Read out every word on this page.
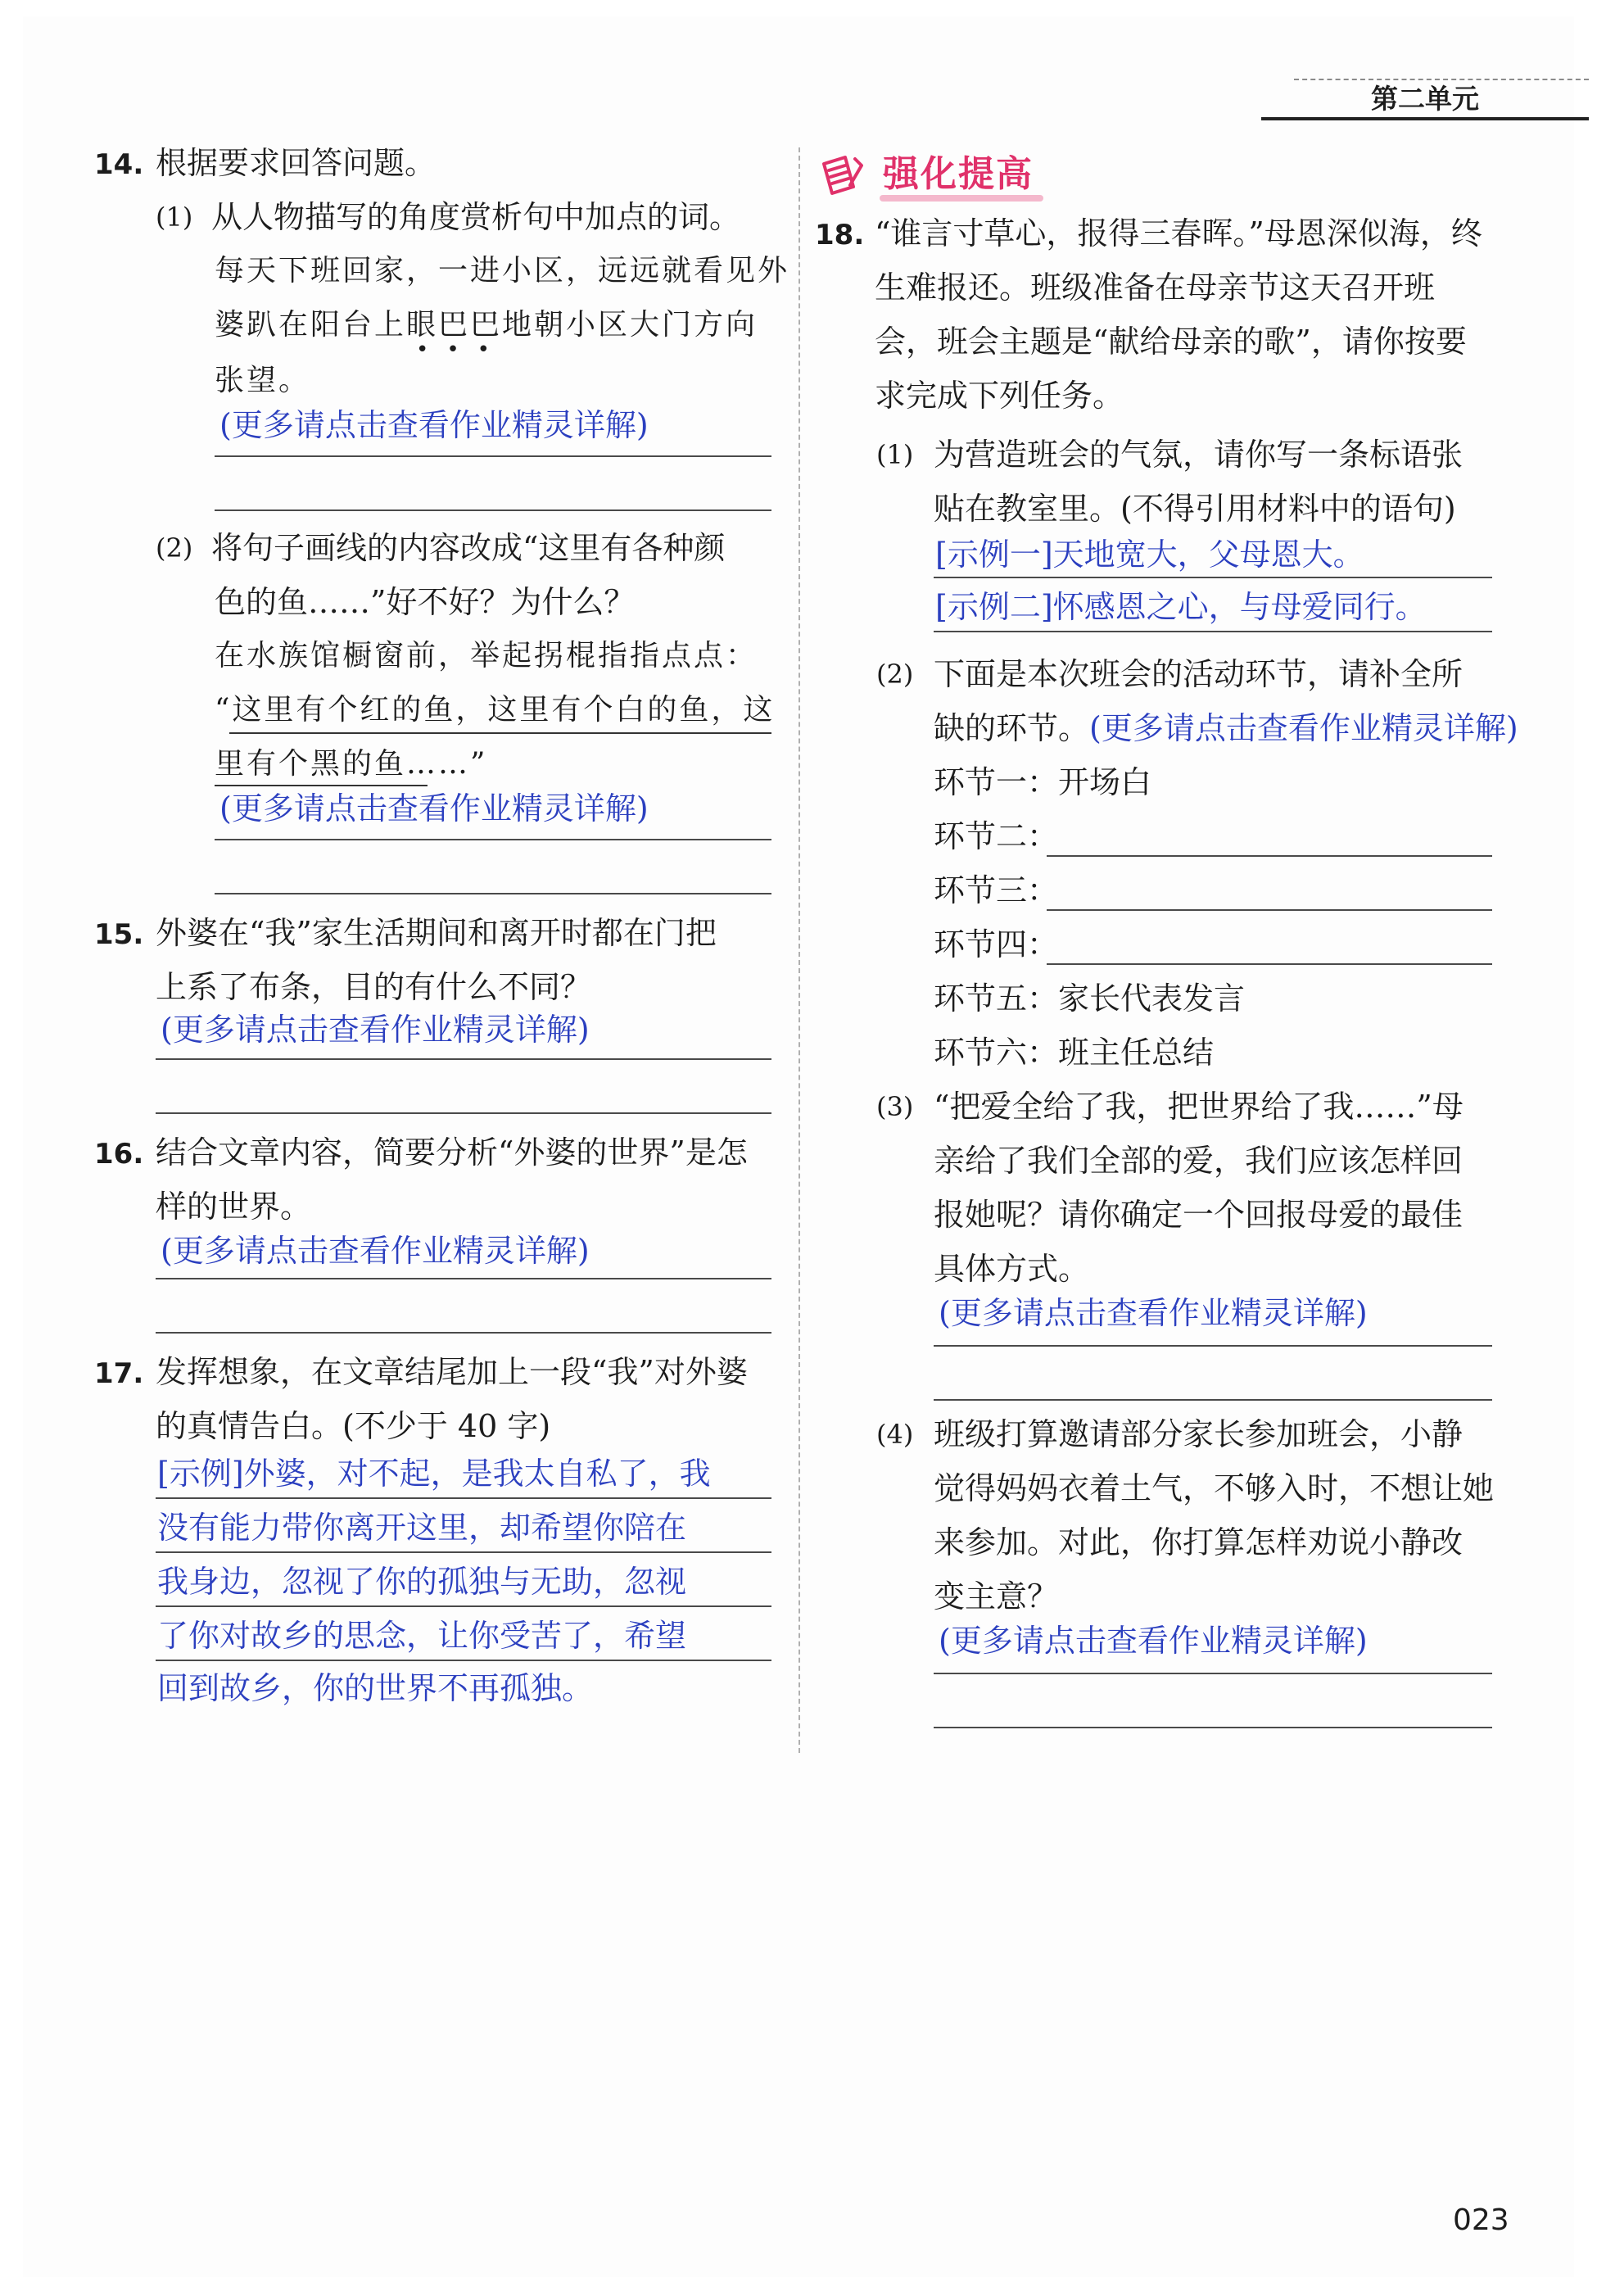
第二单元
14. 根据要求回答问题。
(1) 从人物描写的角度赏析句中加点的词。
每天下班回家，一进小区，远远就看见外
婆趴在阳台上眼巴巴地朝小区大门方向
•••
张望。
(更多请点击查看作业精灵详解)
(2) 将句子画线的内容改成“这里有各种颜
色的鱼……”好不好？为什么？
在水族馆橱窗前，举起拐棍指指点点：
“这里有个红的鱼，这里有个白的鱼，这
里有个黑的鱼……”
(更多请点击查看作业精灵详解)
15. 外婆在“我”家生活期间和离开时都在门把
上系了布条，目的有什么不同？
(更多请点击查看作业精灵详解)
16. 结合文章内容，简要分析“外婆的世界”是怎
样的世界。
(更多请点击查看作业精灵详解)
17. 发挥想象，在文章结尾加上一段“我”对外婆
的真情告白。(不少于 40 字)
[示例]外婆，对不起，是我太自私了，我
没有能力带你离开这里，却希望你陪在
我身边，忽视了你的孤独与无助，忽视
了你对故乡的思念，让你受苦了，希望
回到故乡，你的世界不再孤独。
强化提高
18. “谁言寸草心，报得三春晖。”母恩深似海，终
生难报还。班级准备在母亲节这天召开班
会，班会主题是“献给母亲的歌”，请你按要
求完成下列任务。
(1) 为营造班会的气氛，请你写一条标语张
贴在教室里。(不得引用材料中的语句)
[示例一]天地宽大，父母恩大。
[示例二]怀感恩之心，与母爱同行。
(2) 下面是本次班会的活动环节，请补全所
缺的环节。 (更多请点击查看作业精灵详解)
环节一：开场白
环节二：
环节三：
环节四：
环节五：家长代表发言
环节六：班主任总结
(3) “把爱全给了我，把世界给了我……”母
亲给了我们全部的爱，我们应该怎样回
报她呢？请你确定一个回报母爱的最佳
具体方式。
(更多请点击查看作业精灵详解)
(4) 班级打算邀请部分家长参加班会，小静
觉得妈妈衣着土气，不够入时，不想让她
来参加。对此，你打算怎样劝说小静改
变主意？
(更多请点击查看作业精灵详解)
023
